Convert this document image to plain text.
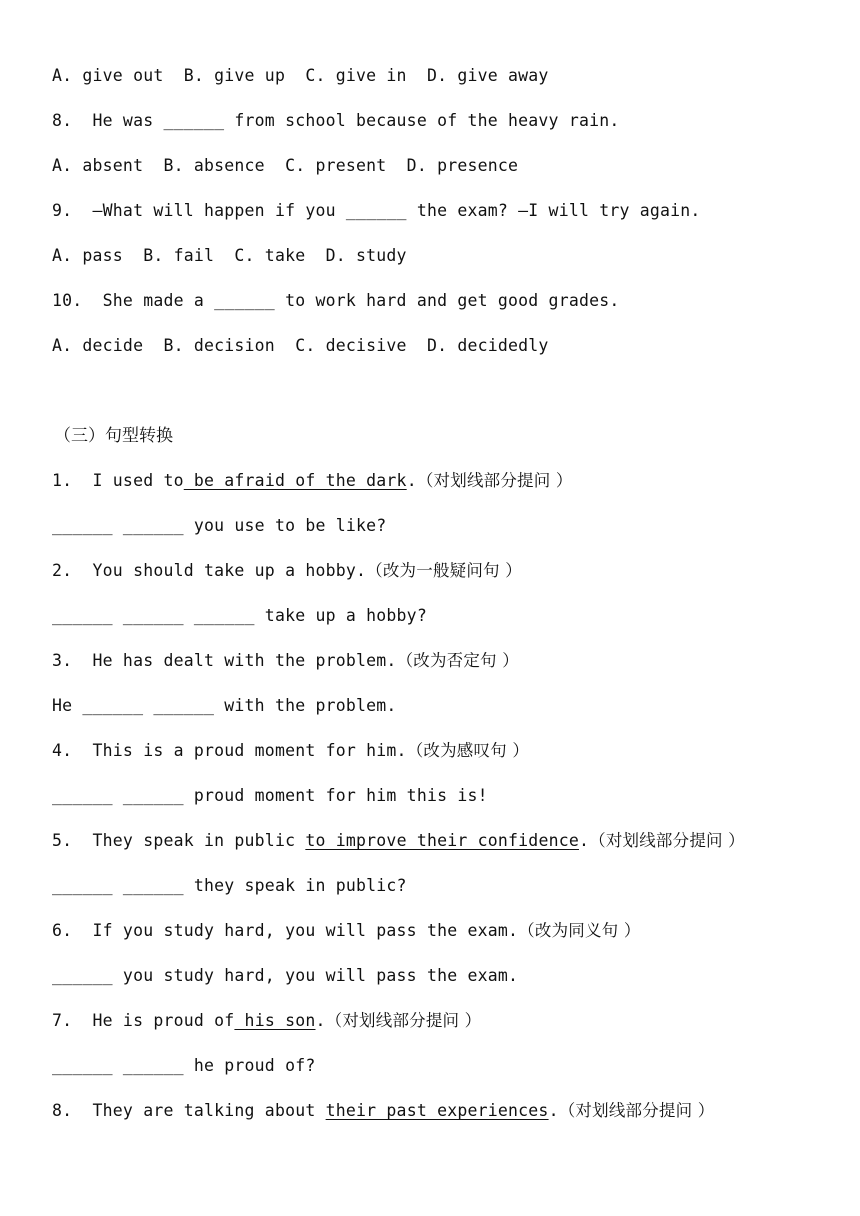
A. give out  B. give up  C. give in  D. give away
8.  He was ______ from school because of the heavy rain.
A. absent  B. absence  C. present  D. presence
9.  —What will happen if you ______ the exam? —I will try again.
A. pass  B. fail  C. take  D. study
10.  She made a ______ to work hard and get good grades.
A. decide  B. decision  C. decisive  D. decidedly
（三）句型转换
1.  I used to be afraid of the dark.（对划线部分提问 ）
______ ______ you use to be like?
2.  You should take up a hobby.（改为一般疑问句 ）
______ ______ ______ take up a hobby?
3.  He has dealt with the problem.（改为否定句 ）
He ______ ______ with the problem.
4.  This is a proud moment for him.（改为感叹句 ）
______ ______ proud moment for him this is!
5.  They speak in public to improve their confidence.（对划线部分提问 ）
______ ______ they speak in public?
6.  If you study hard, you will pass the exam.（改为同义句 ）
______ you study hard, you will pass the exam.
7.  He is proud of his son.（对划线部分提问 ）
______ ______ he proud of?
8.  They are talking about their past experiences.（对划线部分提问 ）
